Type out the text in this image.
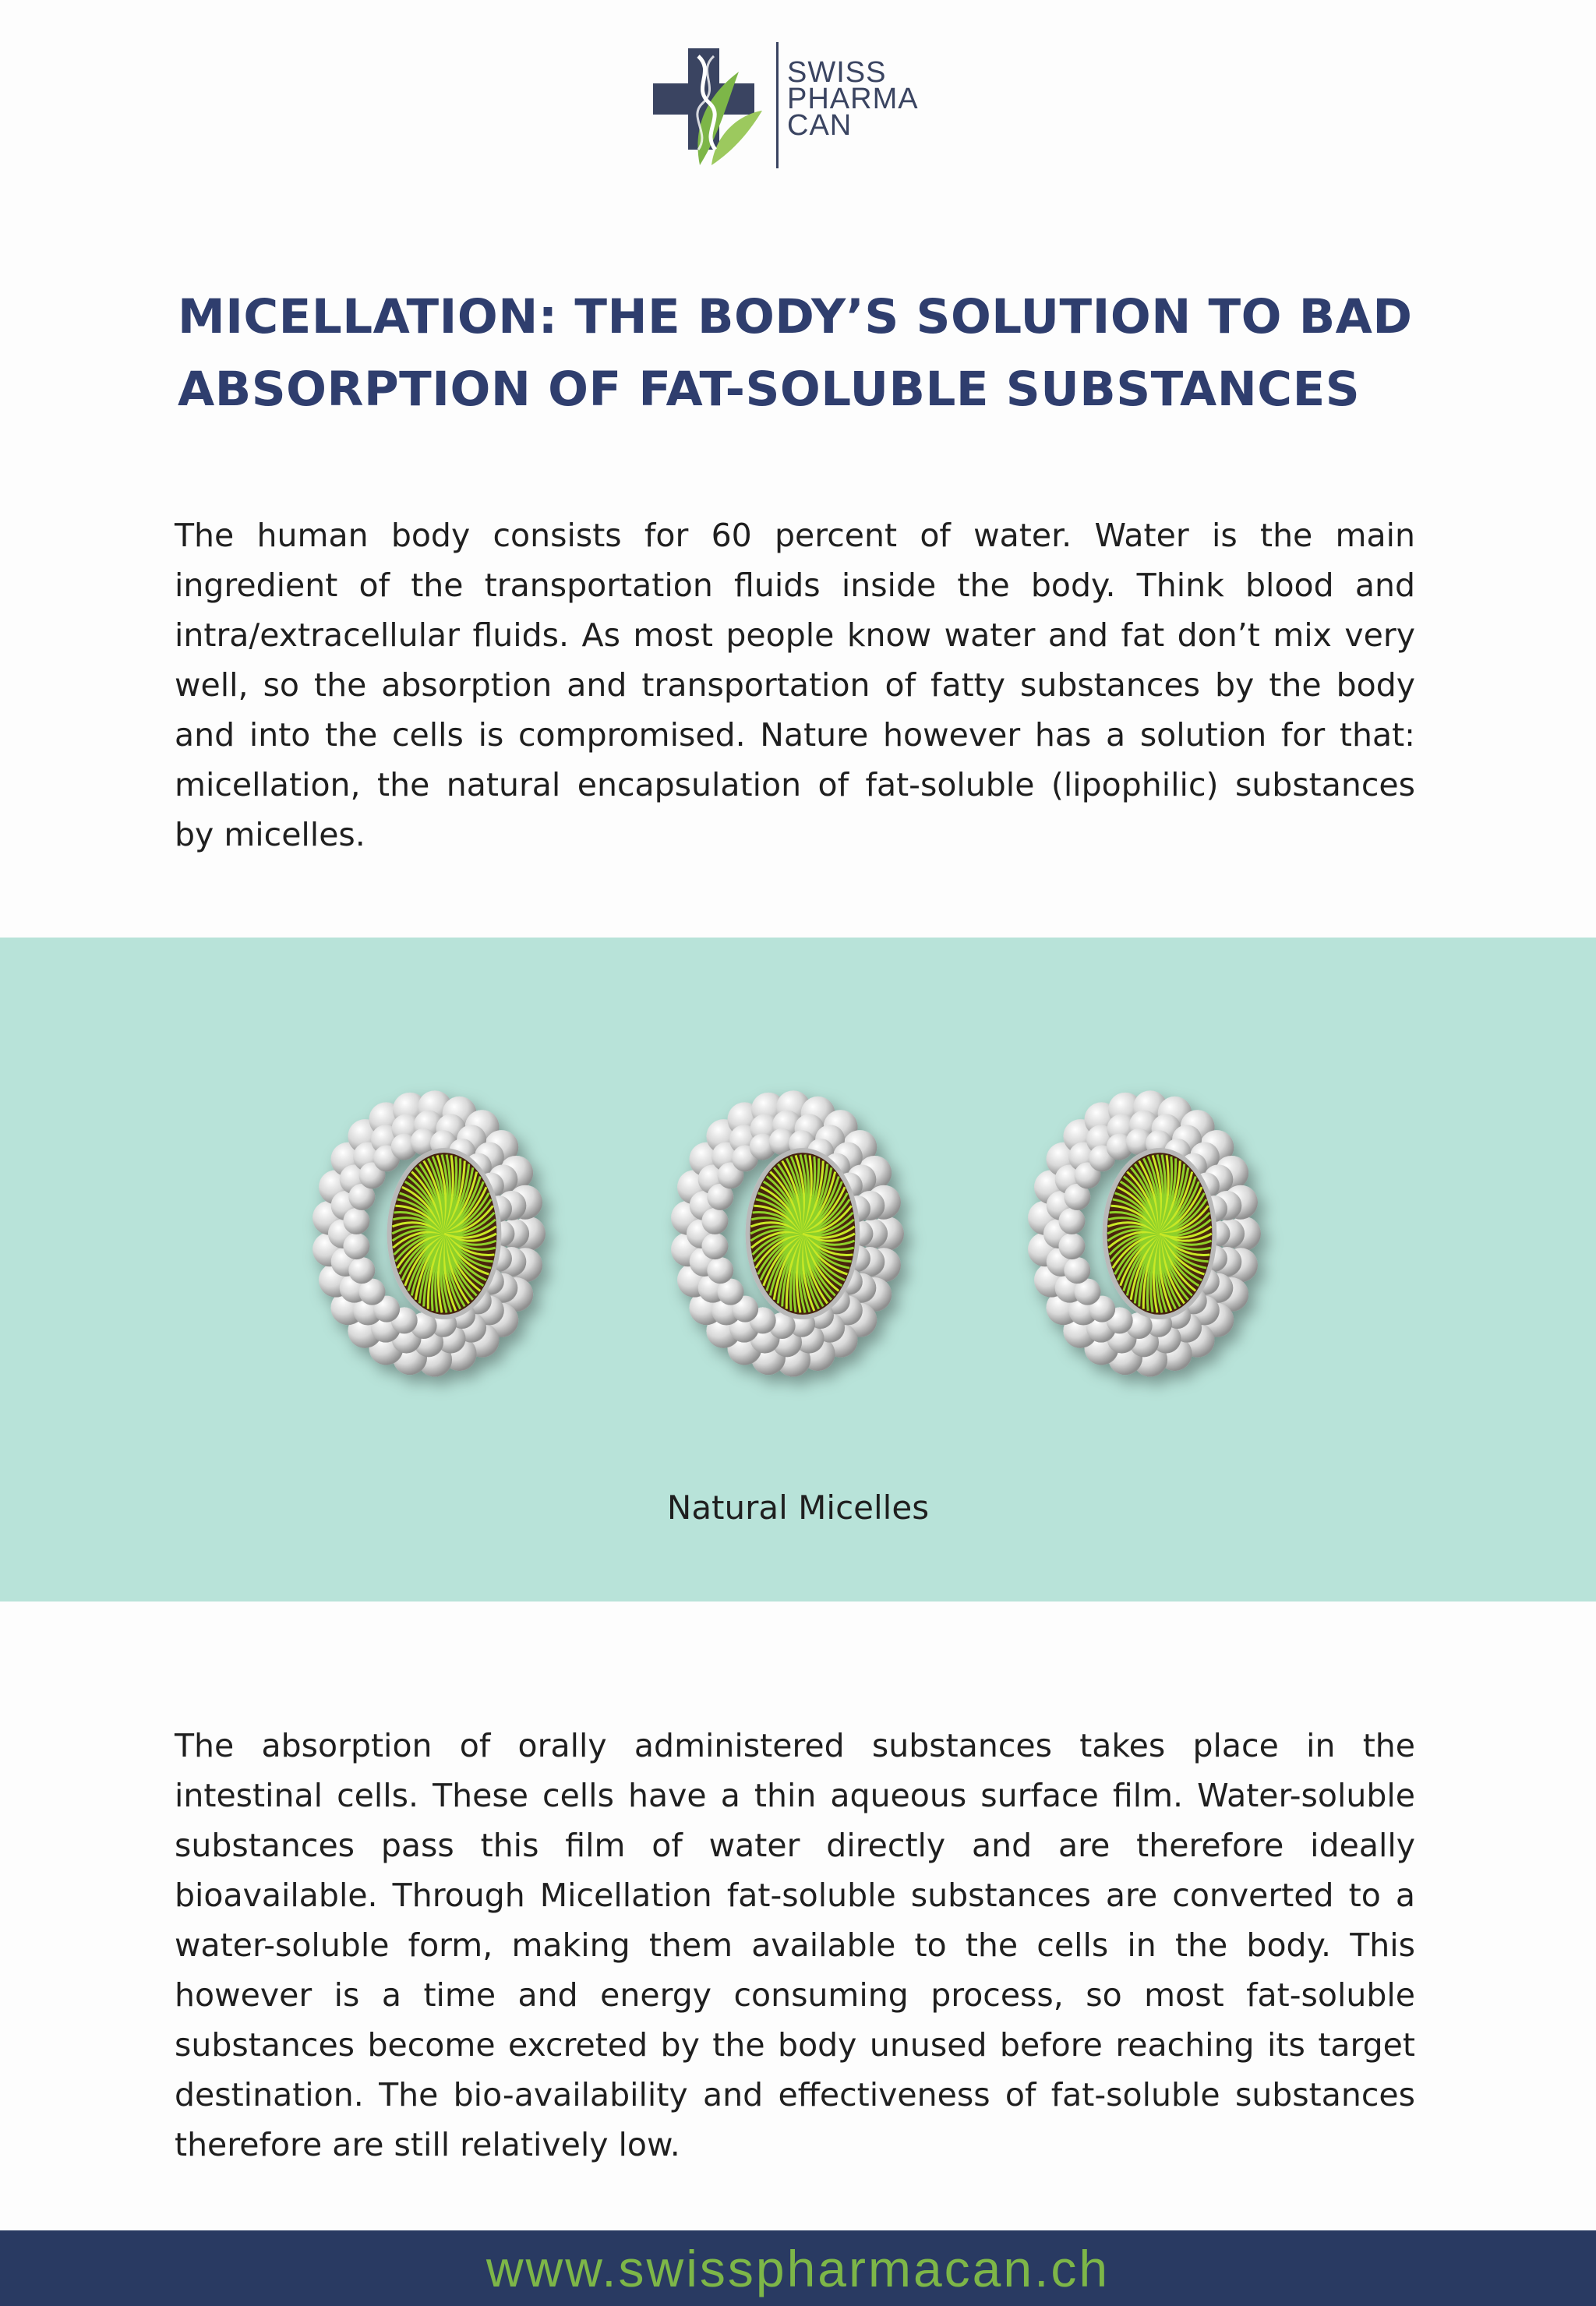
SWISS
PHARMA
CAN
MICELLATION: THE BODY’S SOLUTION TO BAD
ABSORPTION OF FAT-SOLUBLE SUBSTANCES

The human body consists for 60 percent of water. Water is the main ingredient of the transportation fluids inside the body. Think blood and intra/extracellular fluids. As most people know water and fat don’t mix very well, so the absorption and transportation of fatty substances by the body and into the cells is compromised. Nature however has a solution for that: micellation, the natural encapsulation of fat-soluble (lipophilic) substances by micelles.

Natural Micelles

The absorption of orally administered substances takes place in the intestinal cells. These cells have a thin aqueous surface film. Water-soluble substances pass this film of water directly and are therefore ideally bioavailable. Through Micellation fat-soluble substances are converted to a water-soluble form, making them available to the cells in the body. This however is a time and energy consuming process, so most fat-soluble substances become excreted by the body unused before reaching its target destination. The bio-availability and effectiveness of fat-soluble substances therefore are still relatively low.

www.swisspharmacan.ch
